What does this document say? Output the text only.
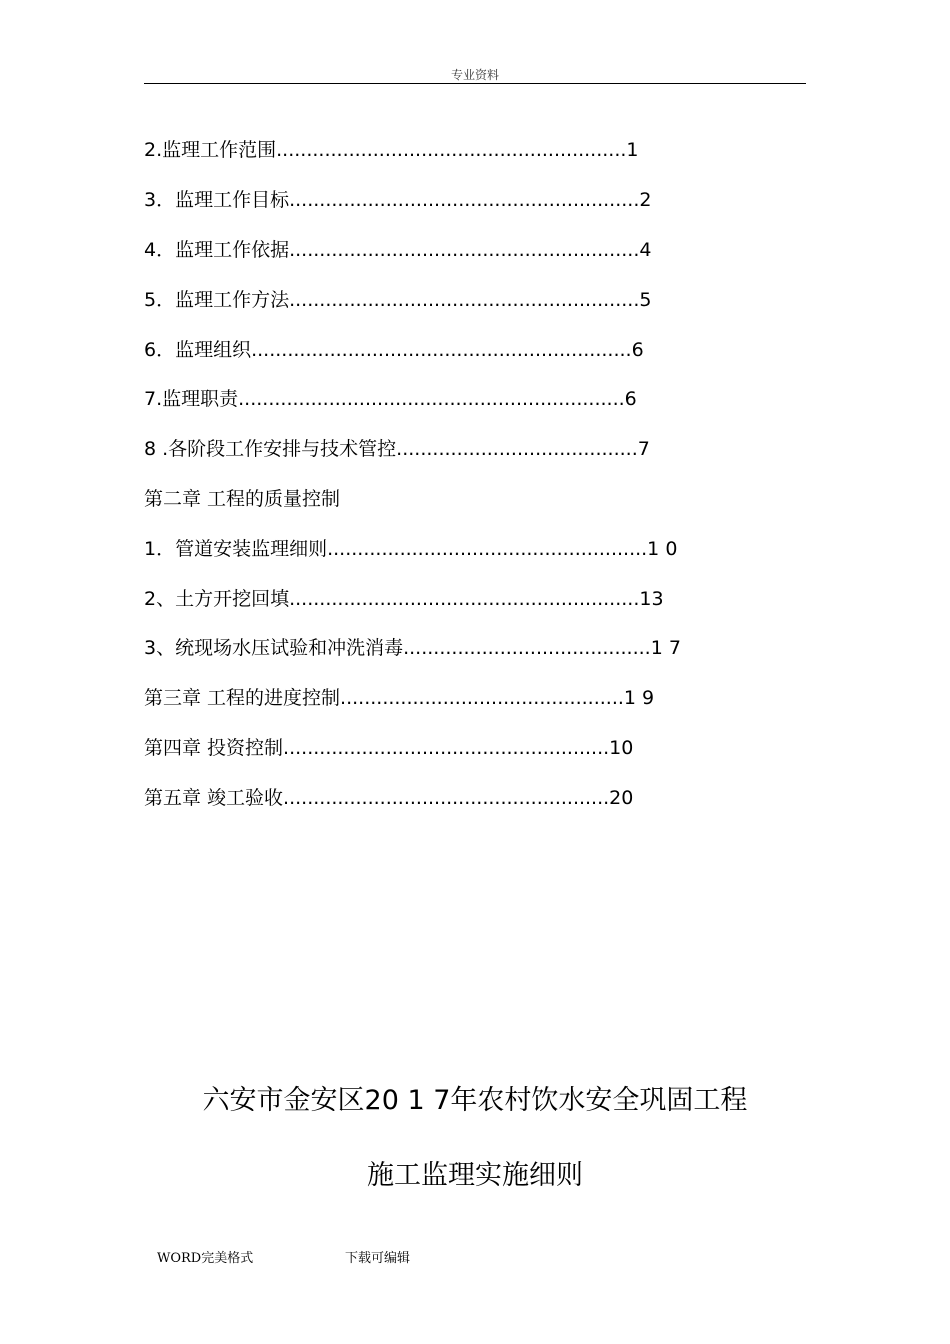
专业资料
2.监理工作范围..........................................................1
3．监理工作目标..........................................................2
4．监理工作依据..........................................................4
5．监理工作方法..........................................................5
6．监理组织...............................................................6
7.监理职责................................................................6
8 .各阶段工作安排与技术管控........................................7
第二章 工程的质量控制
1．管道安装监理细则.....................................................1 0
2、土方开挖回填..........................................................13
3、统现场水压试验和冲洗消毒.........................................1 7
第三章 工程的进度控制...............................................1 9
第四章 投资控制......................................................10
第五章 竣工验收......................................................20
六安市金安区20 1 7年农村饮水安全巩固工程
施工监理实施细则
WORD完美格式	下载可编辑
